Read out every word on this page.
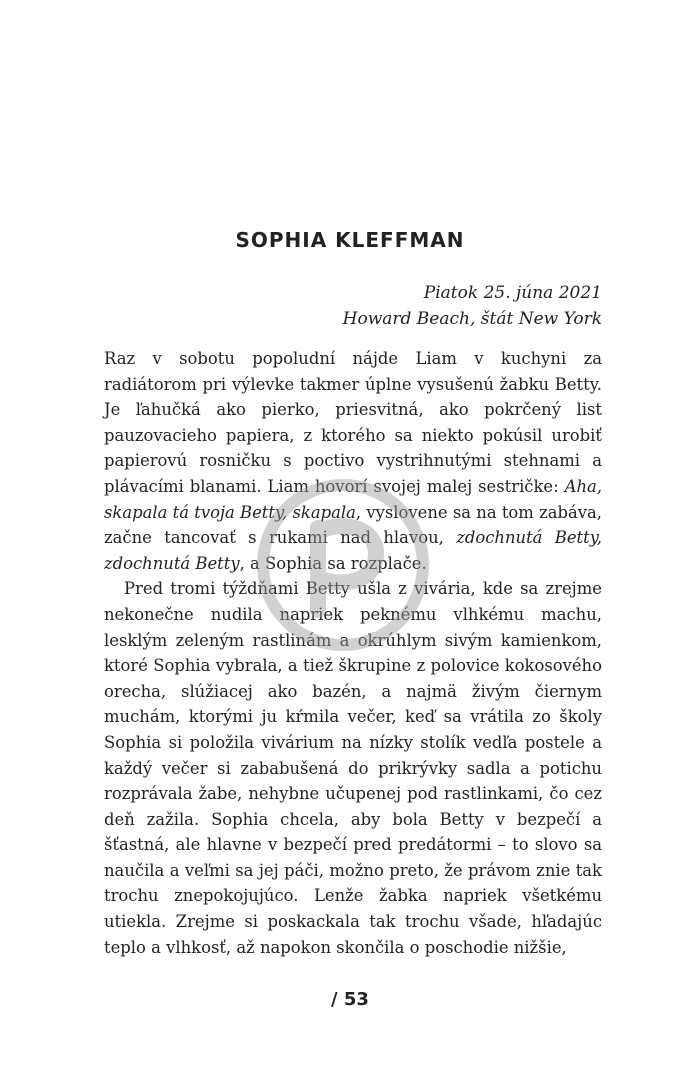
SOPHIA KLEFFMAN
Piatok 25. júna 2021
Howard Beach, štát New York

Raz v sobotu popoludní nájde Liam v kuchyni za radiátorom pri výlevke takmer úplne vysušenú žabku Betty. Je ľahučká ako pierko, priesvitná, ako pokrčený list pauzovacieho papiera, z ktorého sa niekto pokúsil urobiť papierovú rosničku s poctivo vystrihnutými stehnami a plávacími blanami. Liam hovorí svojej malej sestričke: Aha, skapala tá tvoja Betty, skapala, vyslovene sa na tom zabáva, začne tancovať s rukami nad hlavou, zdochnutá Betty, zdochnutá Betty, a Sophia sa rozplače.

Pred tromi týždňami Betty ušla z vivária, kde sa zrejme nekonečne nudila napriek peknému vlhkému machu, lesklým zeleným rastlinám a okrúhlym sivým kamienkom, ktoré Sophia vybrala, a tiež škrupine z polovice kokosového orecha, slúžiacej ako bazén, a najmä živým čiernym muchám, ktorými ju kŕmila večer, keď sa vrátila zo školy Sophia si položila vivárium na nízky stolík vedľa postele a každý večer si zababušená do prikrývky sadla a potichu rozprávala žabe, nehybne učupenej pod rastlinkami, čo cez deň zažila. Sophia chcela, aby bola Betty v bezpečí a šťastná, ale hlavne v bezpečí pred predátormi – to slovo sa naučila a veľmi sa jej páči, možno preto, že právom znie tak trochu znepokojujúco. Lenže žabka napriek všetkému utiekla. Zrejme si poskackala tak trochu všade, hľadajúc teplo a vlhkosť, až napokon skončila o poschodie nižšie,

/ 53
